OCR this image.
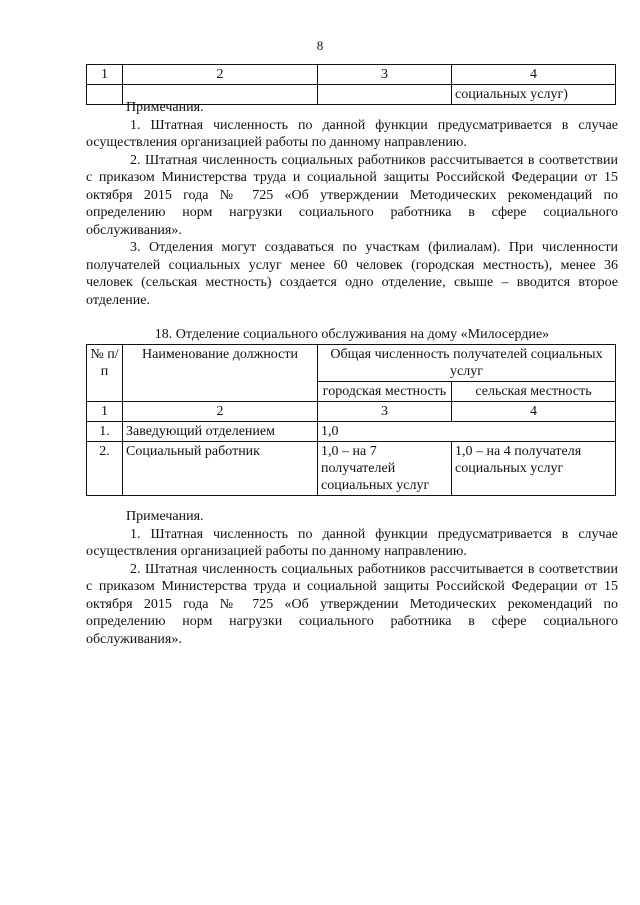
8
1	2	3	4
			социальных услуг)

Примечания.

1. Штатная численность по данной функции предусматривается в случае осуществления организацией работы по данному направлению.

2. Штатная численность социальных работников рассчитывается в соответствии с приказом Министерства труда и социальной защиты Российской Федерации от 15 октября 2015 года № 725 «Об утверждении Методических рекомендаций по определению норм нагрузки социального работника в сфере социального обслуживания».

3. Отделения могут создаваться по участкам (филиалам). При численности получателей социальных услуг менее 60 человек (городская местность), менее 36 человек (сельская местность) создается одно отделение, свыше – вводится второе отделение.

18. Отделение социального обслуживания на дому «Милосердие»
№ п/п	Наименование должности	Общая численность получателей социальных услуг	
		городская местность	сельская местность
1	2	3	4
1.	Заведующий отделением	1,0	
2.	Социальный работник	1,0 – на 7 получателей социальных услуг	1,0 – на 4 получателя социальных услуг

Примечания.

1. Штатная численность по данной функции предусматривается в случае осуществления организацией работы по данному направлению.

2. Штатная численность социальных работников рассчитывается в соответствии с приказом Министерства труда и социальной защиты Российской Федерации от 15 октября 2015 года № 725 «Об утверждении Методических рекомендаций по определению норм нагрузки социального работника в сфере социального обслуживания».
